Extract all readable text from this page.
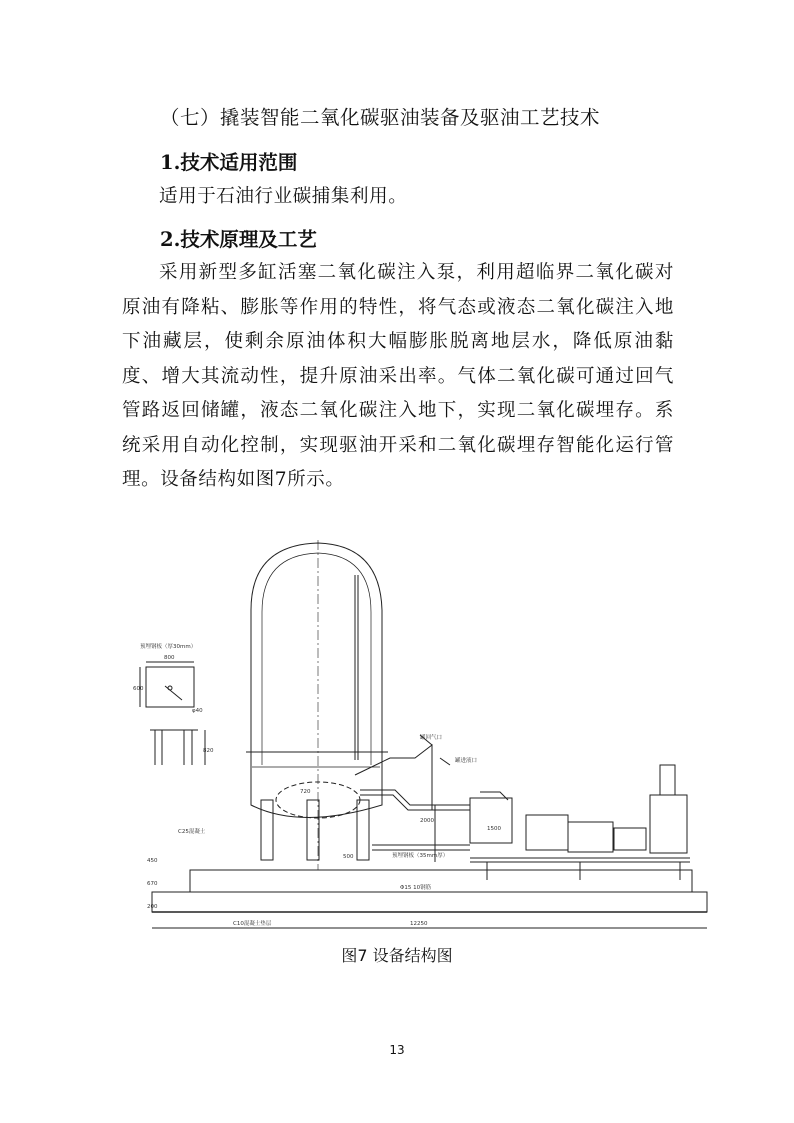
（七）撬装智能二氧化碳驱油装备及驱油工艺技术
1.技术适用范围
适用于石油行业碳捕集利用。
2.技术原理及工艺
采用新型多缸活塞二氧化碳注入泵，利用超临界二氧化碳对原油有降粘、膨胀等作用的特性，将气态或液态二氧化碳注入地下油藏层，使剩余原油体积大幅膨胀脱离地层水，降低原油黏度、增大其流动性，提升原油采出率。气体二氧化碳可通过回气管路返回储罐，液态二氧化碳注入地下，实现二氧化碳埋存。系统采用自动化控制，实现驱油开采和二氧化碳埋存智能化运行管理。设备结构如图7所示。
预埋钢板（厚30mm）
800
600
φ40
820
罐回气口
罐进液口
720
2000
1500
C25混凝土
450
500	预埋钢板（35mm厚）
Φ15 10钢筋
670
200
12250
C10混凝土垫层
图7 设备结构图
13
